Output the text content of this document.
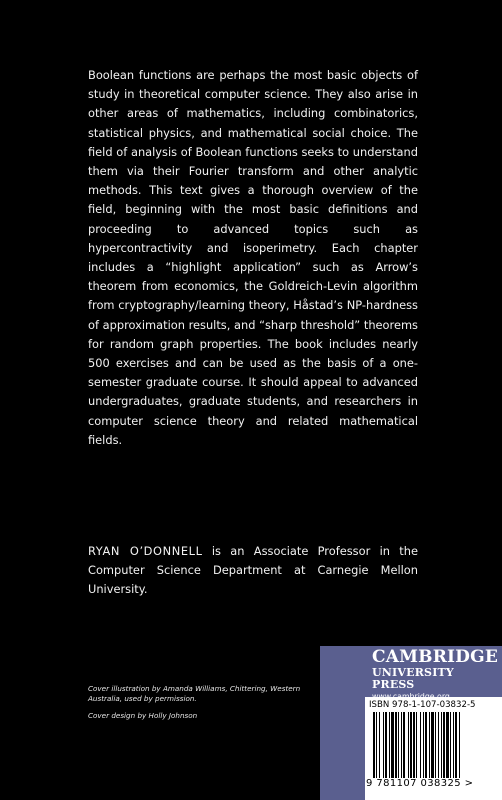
Boolean functions are perhaps the most basic objects of study in theoretical computer science. They also arise in other areas of mathematics, including combinatorics, statistical physics, and mathematical social choice. The field of analysis of Boolean functions seeks to understand them via their Fourier transform and other analytic methods. This text gives a thorough overview of the field, beginning with the most basic definitions and proceeding to advanced topics such as hypercontractivity and isoperimetry. Each chapter includes a “highlight application” such as Arrow’s theorem from economics, the Goldreich-Levin algorithm from cryptography/learning theory, Håstad’s NP-hardness of approximation results, and “sharp threshold” theorems for random graph properties. The book includes nearly 500 exercises and can be used as the basis of a one-semester graduate course. It should appeal to advanced undergraduates, graduate students, and researchers in computer science theory and related mathematical fields.

RYAN O’DONNELL is an Associate Professor in the Computer Science Department at Carnegie Mellon University.

Cover illustration by Amanda Williams, Chittering, Western Australia, used by permission.

Cover design by Holly Johnson

CAMBRIDGE
UNIVERSITY PRESS
ISBN 978-1-107-03832-5
9 781107 038325 >
